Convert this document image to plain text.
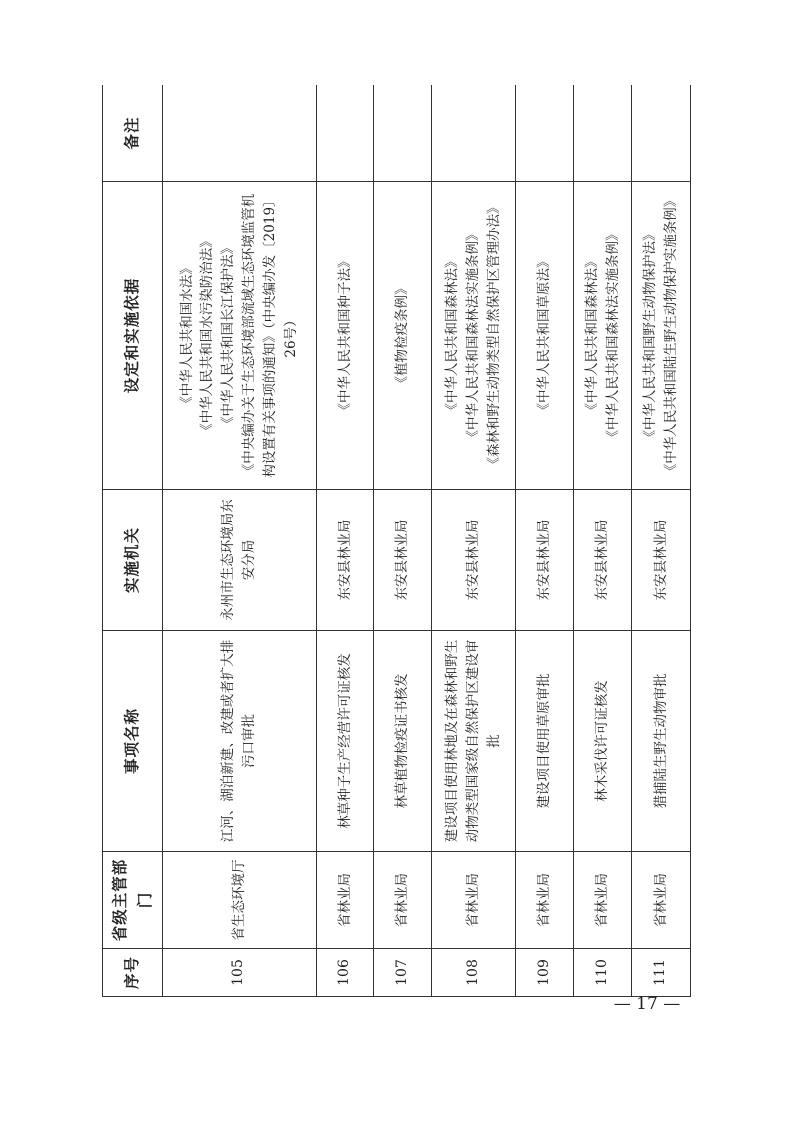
序号	省级主管部门	事项名称	实施机关	设定和实施依据	备注
105	省生态环境厅	江河、湖泊新建、改建或者扩大排污口审批	永州市生态环境局东安分局	《中华人民共和国水法》 《中华人民共和国水污染防治法》 《中华人民共和国长江保护法》 《中央编办关于生态环境部流域生态环境监管机构设置有关事项的通知》（中央编办发〔2019〕26号）	

106	省林业局	林草种子生产经营许可证核发	东安县林业局	《中华人民共和国种子法》	

107	省林业局	林草植物检疫证书核发	东安县林业局	《植物检疫条例》	

108	省林业局	建设项目使用林地及在森林和野生动物类型国家级自然保护区建设审批	东安县林业局	《中华人民共和国森林法》 《中华人民共和国森林法实施条例》 《森林和野生动物类型自然保护区管理办法》	

109	省林业局	建设项目使用草原审批	东安县林业局	《中华人民共和国草原法》	

110	省林业局	林木采伐许可证核发	东安县林业局	《中华人民共和国森林法》 《中华人民共和国森林法实施条例》	

111	省林业局	猎捕陆生野生动物审批	东安县林业局	《中华人民共和国野生动物保护法》 《中华人民共和国陆生野生动物保护实施条例》	

— 17 —
